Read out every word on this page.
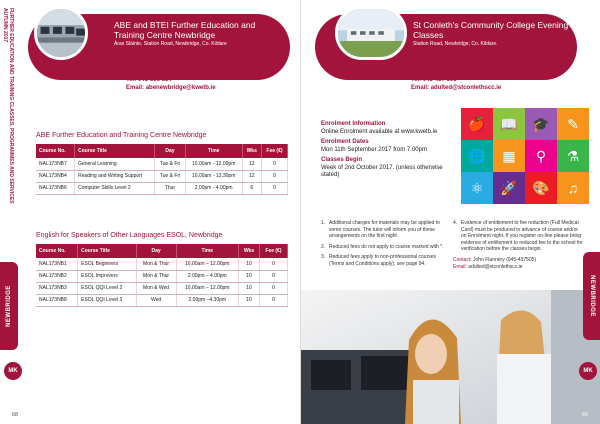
FURTHER EDUCATION AND TRAINING CLASSES, PROGRAMMES AND SERVICES
AUTUMN 2017
NEWBRIDGE
MK
ABE and BTEI Further Education and Training Centre Newbridge
Áras Sláinte, Station Road, Newbridge, Co. Kildare
Co-ordinator: Mary Faughnan
Tel: 045-866 314
Email: abenewbridge@kwetb.ie
ABE Further Education and Training Centre Newbridge
Course No.	Course Title	Day	Time	Wks	Fee (€)
NAL173NB7	General Learning	Tue & Fri	10.00am - 12.00pm	12	0
NAL173NB4	Reading and Writing Support	Tue & Fri	10.00am - 12.30pm	12	0
NAL173NB6	Computer Skills Level 2	Thur	2.00pm - 4.00pm	6	0
English for Speakers of Other Languages ESOL, Newbridge
Course No.	Course Title	Day	Time	Wks	Fee (€)
NAL173NB1	ESOL Beginners	Mon & Thur	10.00am – 12.00pm	10	0
NAL173NB2	ESOL Improvers	Mon & Thur	2.00pm – 4.00pm	10	0
NAL173NB3	ESOL QQI Level 2	Mon & Wed	10.00am – 12.00pm	10	0
NAL173NB8	ESOL QQI Level 3	Wed	2.00pm –4.30pm	10	0
68
St Conleth's Community College Evening Classes
Station Road, Newbridge, Co. Kildare.
Director: John Flannery
Tel: 045-437 505
Email: adulted@stconlethscc.ie
Enrolment Information
Online Enrolment available at www.kwetb.ie
Enrolment Dates
Mon 11th September 2017 from 7.00pm
Classes Begin
Week of 2nd October 2017. (unless otherwise stated)
🍎	📖	🎓	✎
🌐	▦	⚲	⚗
⚛	🚀	🎨	♫
1. Additional charges for materials may be applied to some courses. The tutor will inform you of these arrangements on the first night.
2. Reduced fees do not apply to course marked with *.
3. Reduced fees apply to non-professional courses (Terms and Conditions apply), see page 94.
4. Evidence of entitlement to fee reduction (Full Medical Card) must be produced in advance of course and/or on Enrolment night. If you register on-line please bring evidence of entitlement to reduced fee to the school for verification before the classes begin.
Contact: John Flannery (045-437505)
Email: adulted@stconlethscc.ie
NEWBRIDGE
MK
69
